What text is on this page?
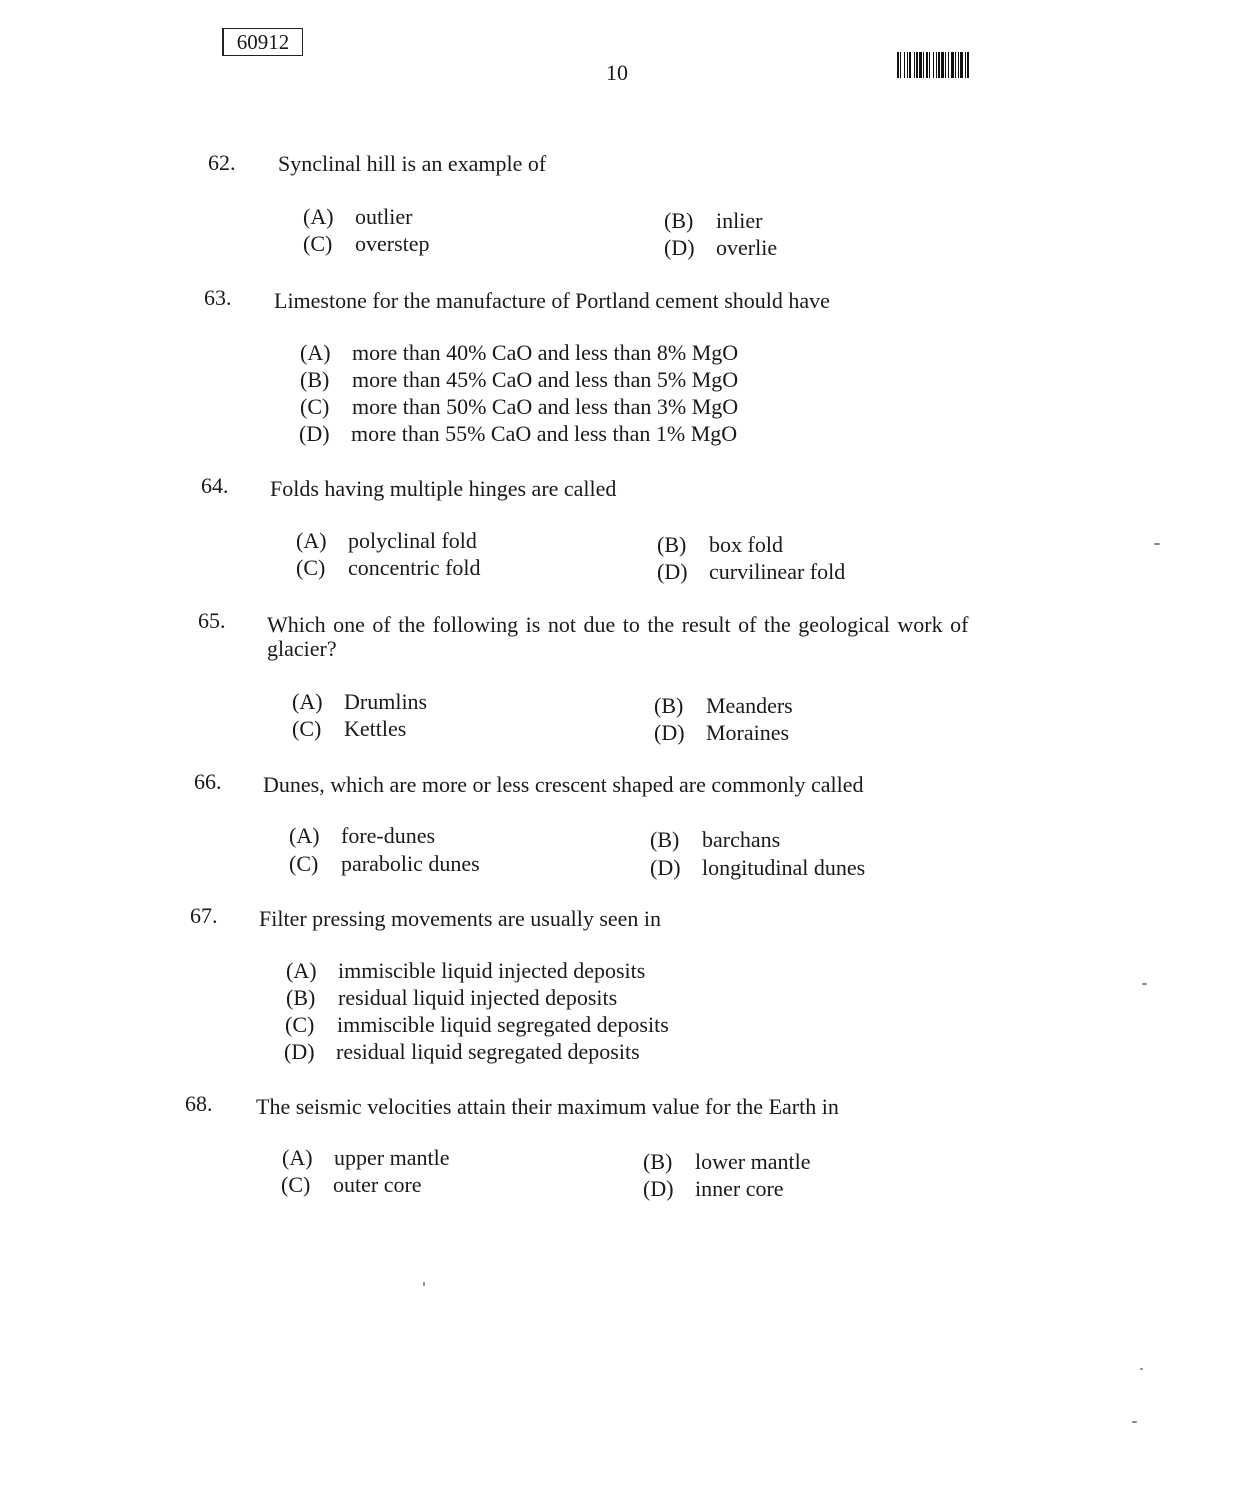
60912
10
62. Synclinal hill is an example of
(A) outlier	(B) inlier
(C) overstep	(D) overlie
63. Limestone for the manufacture of Portland cement should have
(A) more than 40% CaO and less than 8% MgO
(B) more than 45% CaO and less than 5% MgO
(C) more than 50% CaO and less than 3% MgO
(D) more than 55% CaO and less than 1% MgO
64. Folds having multiple hinges are called
(A) polyclinal fold	(B) box fold
(C) concentric fold	(D) curvilinear fold
65. Which one of the following is not due to the result of the geological work of
glacier?
(A) Drumlins	(B) Meanders
(C) Kettles	(D) Moraines
66. Dunes, which are more or less crescent shaped are commonly called
(A) fore-dunes	(B) barchans
(C) parabolic dunes	(D) longitudinal dunes
67. Filter pressing movements are usually seen in
(A) immiscible liquid injected deposits
(B) residual liquid injected deposits
(C) immiscible liquid segregated deposits
(D) residual liquid segregated deposits
68. The seismic velocities attain their maximum value for the Earth in
(A) upper mantle	(B) lower mantle
(C) outer core	(D) inner core
